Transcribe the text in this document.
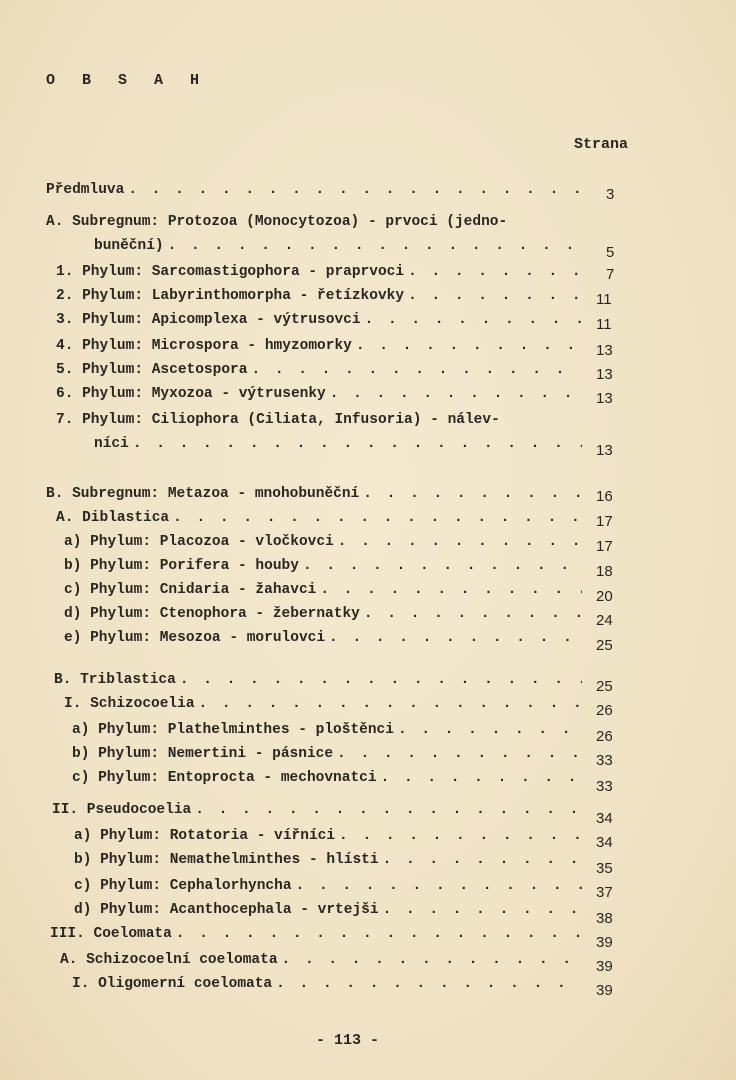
O B S A H
Strana
Předmluva . . .	3
A. Subregnum: Protozoa (Monocytozoa) - prvoci (jedno-
buněční) . . .	5
1. Phylum: Sarcomastigophora - praprvoci . . .	7
2. Phylum: Labyrinthomorpha - řetízkovky . . .	11
3. Phylum: Apicomplexa - výtrusovci . . .	11
4. Phylum: Microspora - hmyzomorky . . .	13
5. Phylum: Ascetospora . . .	13
6. Phylum: Myxozoa - výtrusenky . . .	13
7. Phylum: Ciliophora (Ciliata, Infusoria) - nálev-
níci . . .	13
B. Subregnum: Metazoa - mnohobuněční . . .	16
A. Diblastica . . .	17
a) Phylum: Placozoa - vločkovci . . .	17
b) Phylum: Porifera - houby . . .	18
c) Phylum: Cnidaria - žahavci . . .	20
d) Phylum: Ctenophora - žebernatky . . .	24
e) Phylum: Mesozoa - morulovci . . .	25
B. Triblastica . . .	25
I. Schizocoelia . . .	26
a) Phylum: Plathelminthes - ploštěnci . . .	26
b) Phylum: Nemertini - pásnice . . .	33
c) Phylum: Entoprocta - mechovnatci . . .	33
II. Pseudocoelia . . .	34
a) Phylum: Rotatoria - vířníci . . .	34
b) Phylum: Nemathelminthes - hlísti . . .	35
c) Phylum: Cephalorhyncha . . .	37
d) Phylum: Acanthocephala - vrtejši . . .	38
III. Coelomata . . .	39
A. Schizocoelní coelomata . . .	39
I. Oligomerní coelomata . . .	39
- 113 -
